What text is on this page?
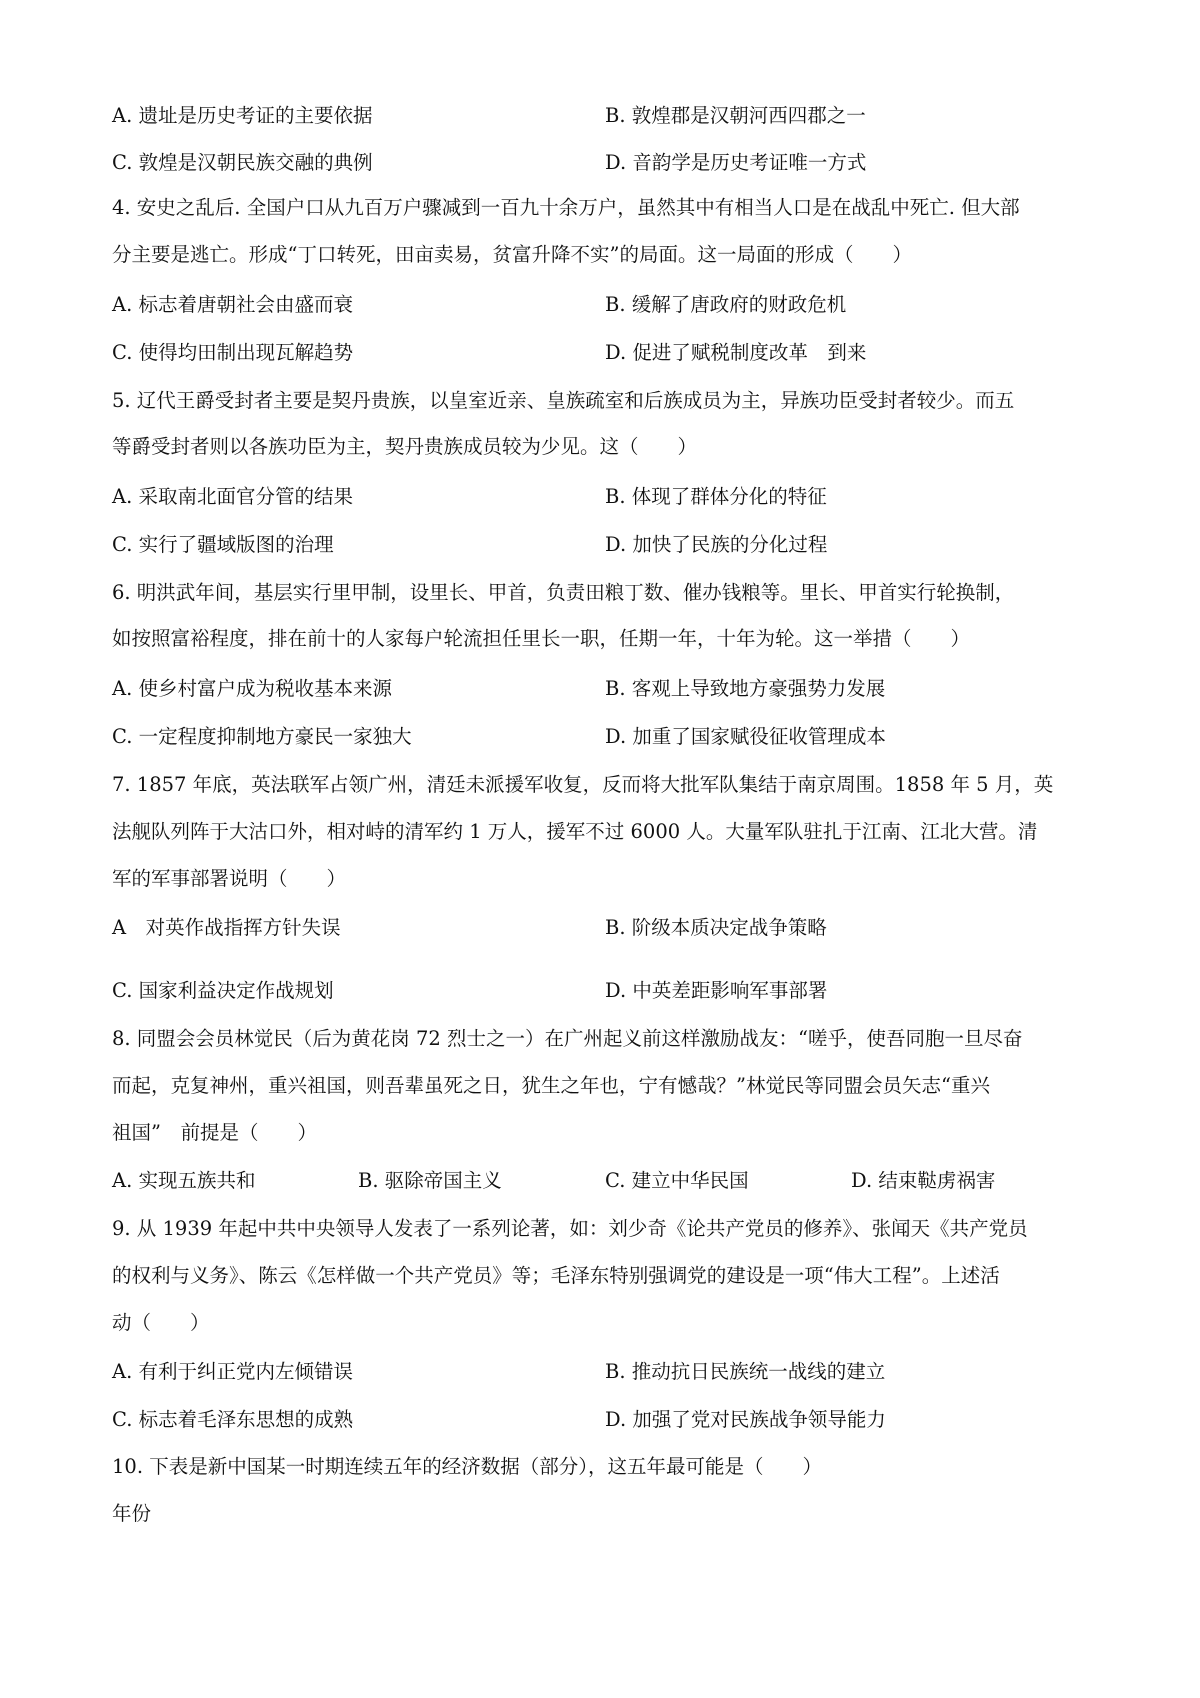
A. 遗址是历史考证的主要依据	B. 敦煌郡是汉朝河西四郡之一
C. 敦煌是汉朝民族交融的典例	D. 音韵学是历史考证唯一方式
4. 安史之乱后. 全国户口从九百万户骤减到一百九十余万户，虽然其中有相当人口是在战乱中死亡. 但大部
分主要是逃亡。形成“丁口转死，田亩卖易，贫富升降不实”的局面。这一局面的形成（　　）
A. 标志着唐朝社会由盛而衰	B. 缓解了唐政府的财政危机
C. 使得均田制出现瓦解趋势	D. 促进了赋税制度改革　到来
5. 辽代王爵受封者主要是契丹贵族，以皇室近亲、皇族疏室和后族成员为主，异族功臣受封者较少。而五
等爵受封者则以各族功臣为主，契丹贵族成员较为少见。这（　　）
A. 采取南北面官分管的结果	B. 体现了群体分化的特征
C. 实行了疆域版图的治理	D. 加快了民族的分化过程
6. 明洪武年间，基层实行里甲制，设里长、甲首，负责田粮丁数、催办钱粮等。里长、甲首实行轮换制，
如按照富裕程度，排在前十的人家每户轮流担任里长一职，任期一年，十年为轮。这一举措（　　）
A. 使乡村富户成为税收基本来源	B. 客观上导致地方豪强势力发展
C. 一定程度抑制地方豪民一家独大	D. 加重了国家赋役征收管理成本
7. 1857 年底，英法联军占领广州，清廷未派援军收复，反而将大批军队集结于南京周围。1858 年 5 月，英
法舰队列阵于大沽口外，相对峙的清军约 1 万人，援军不过 6000 人。大量军队驻扎于江南、江北大营。清
军的军事部署说明（　　）
A　对英作战指挥方针失误	B. 阶级本质决定战争策略
C. 国家利益决定作战规划	D. 中英差距影响军事部署
8. 同盟会会员林觉民（后为黄花岗 72 烈士之一）在广州起义前这样激励战友：“嗟乎，使吾同胞一旦尽奋
而起，克复神州，重兴祖国，则吾辈虽死之日，犹生之年也，宁有憾哉？”林觉民等同盟会员矢志“重兴
祖国”　前提是（　　）
A. 实现五族共和	B. 驱除帝国主义	C. 建立中华民国	D. 结束鞑虏祸害
9. 从 1939 年起中共中央领导人发表了一系列论著，如：刘少奇《论共产党员的修养》、张闻天《共产党员
的权利与义务》、陈云《怎样做一个共产党员》等；毛泽东特别强调党的建设是一项“伟大工程”。上述活
动（　　）
A. 有利于纠正党内左倾错误	B. 推动抗日民族统一战线的建立
C. 标志着毛泽东思想的成熟	D. 加强了党对民族战争领导能力
10. 下表是新中国某一时期连续五年的经济数据（部分），这五年最可能是（　　）
年份
